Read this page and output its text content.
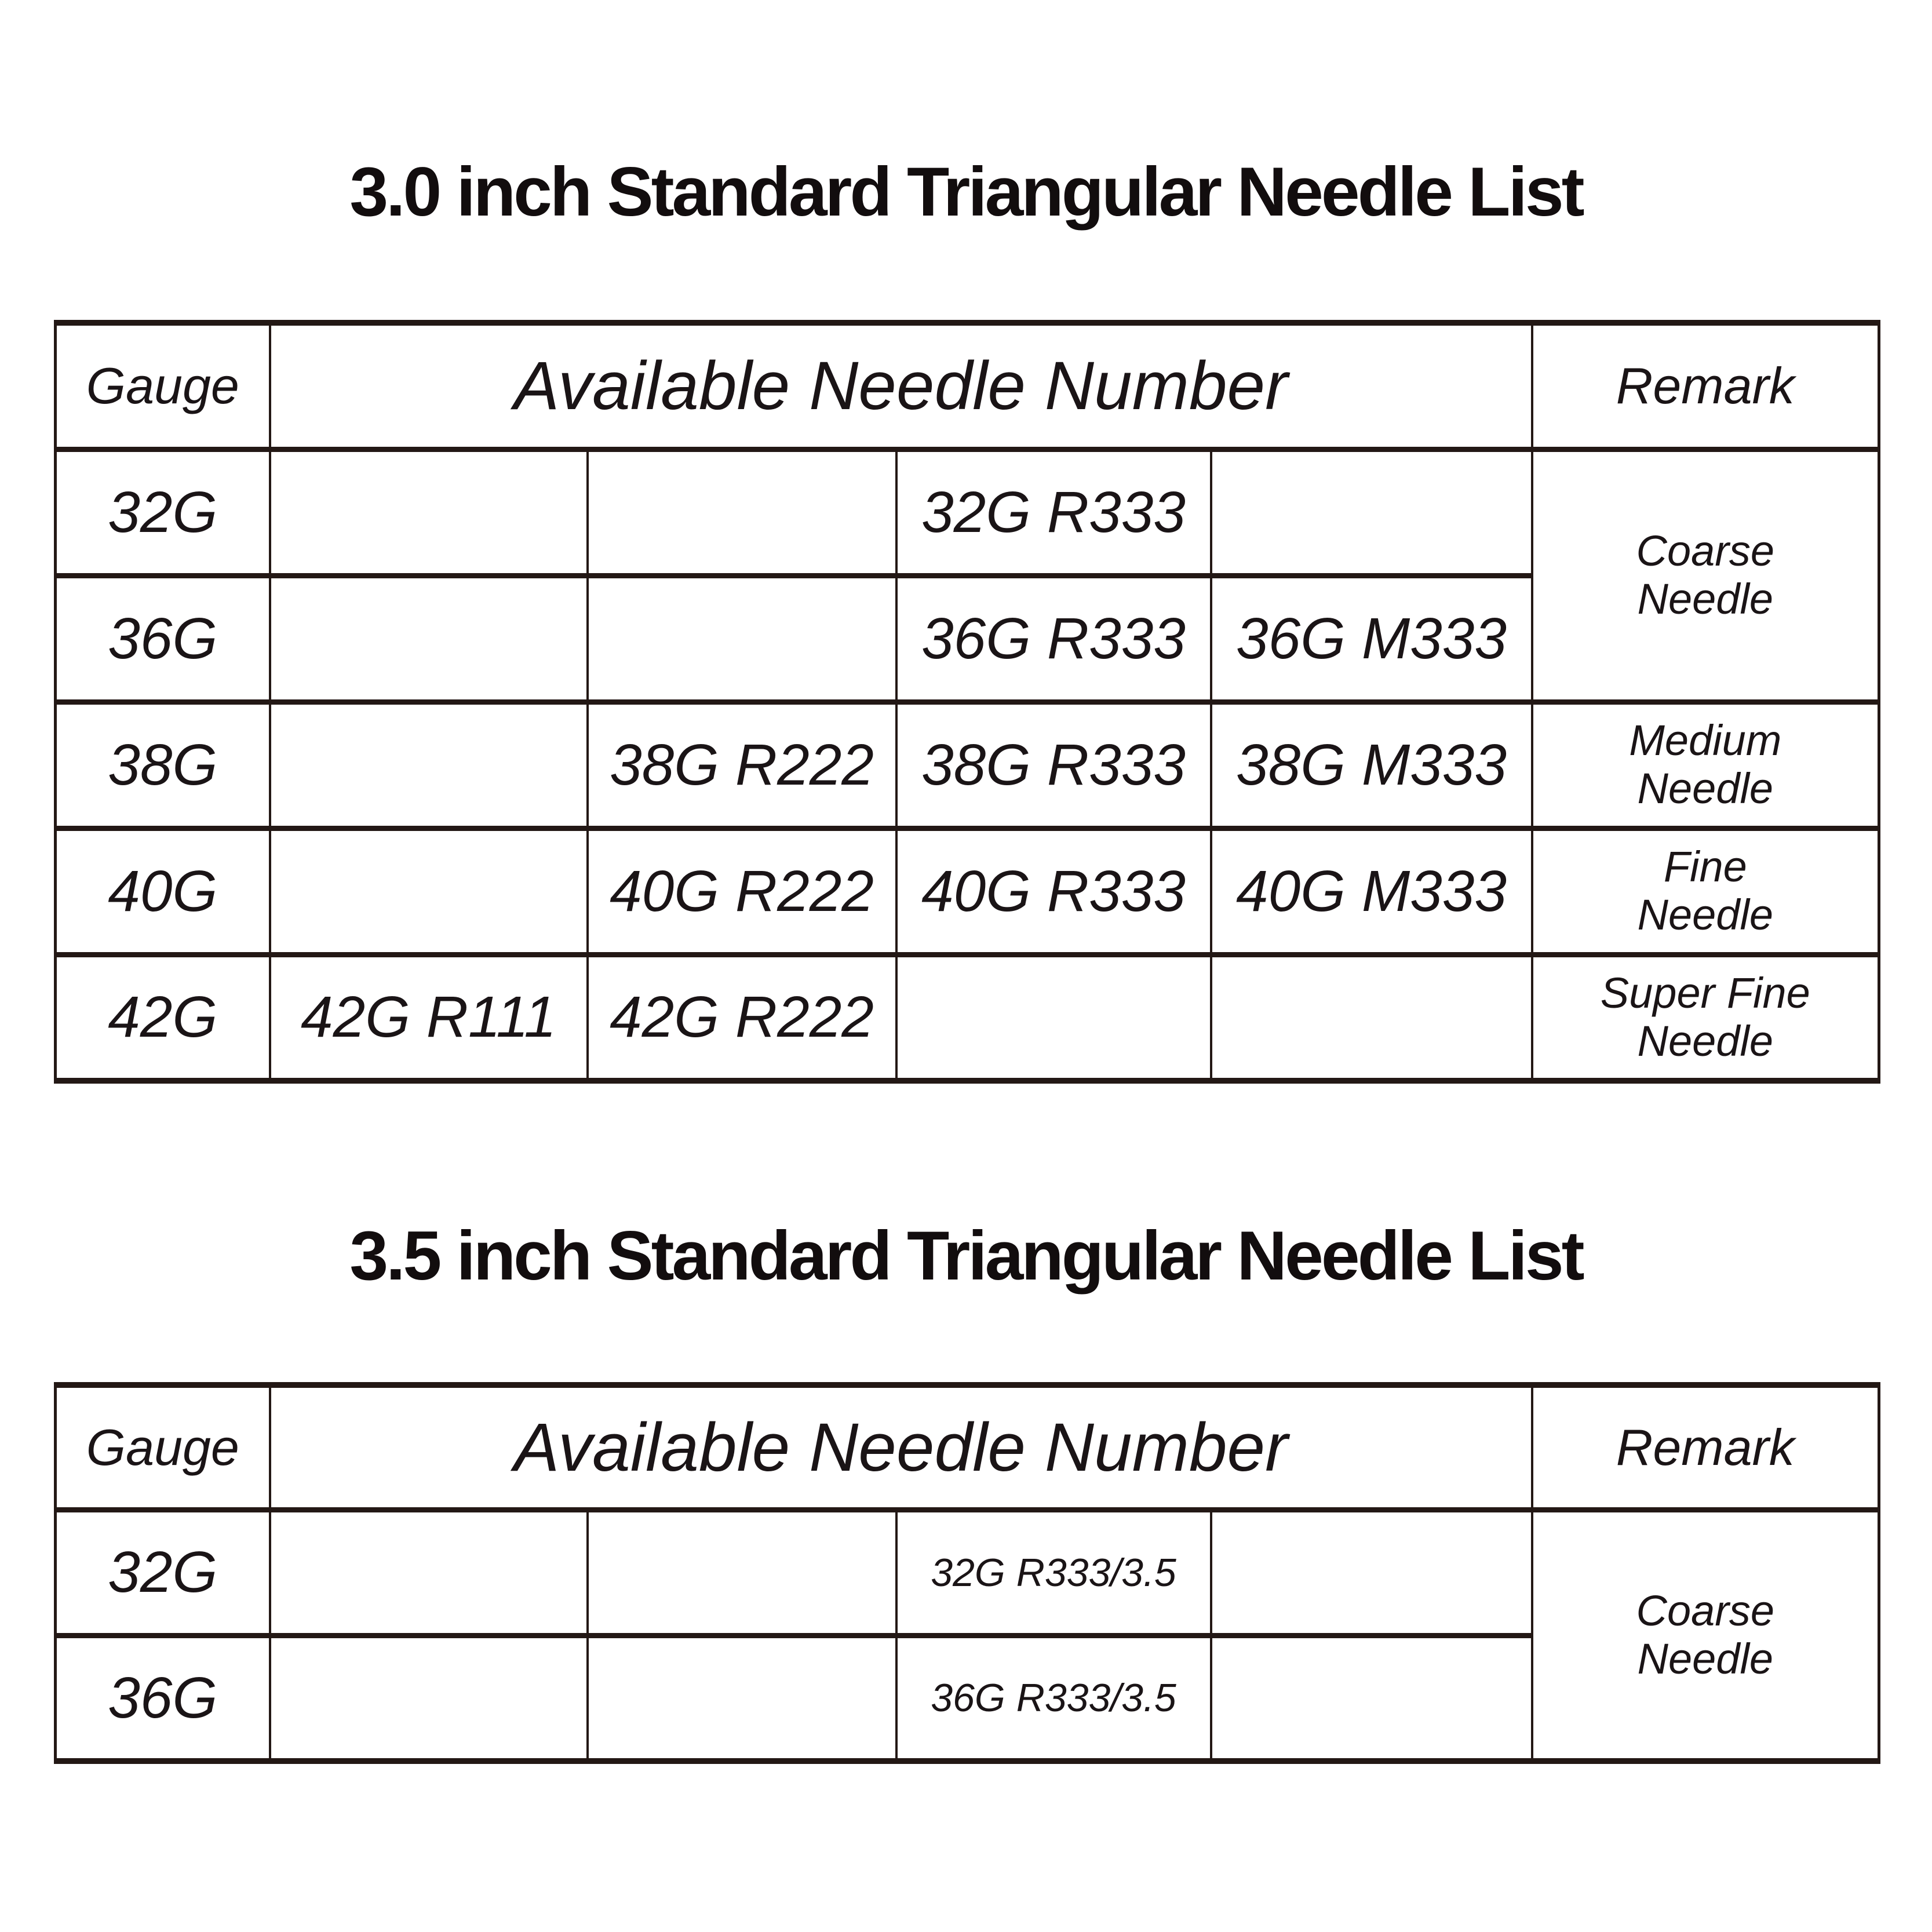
3.0 inch Standard Triangular Needle List
Gauge	Available Needle Number				Remark
32G			32G R333		Coarse
Needle

36G			36G R333	36G M333	
38G		38G R222	38G R333	38G M333	Medium
Needle

40G		40G R222	40G R333	40G M333	Fine
Needle

42G	42G R111	42G R222			Super Fine
Needle
3.5 inch Standard Triangular Needle List
Gauge	Available Needle Number				Remark
32G			32G R333/3.5		Coarse
Needle

36G			36G R333/3.5		
